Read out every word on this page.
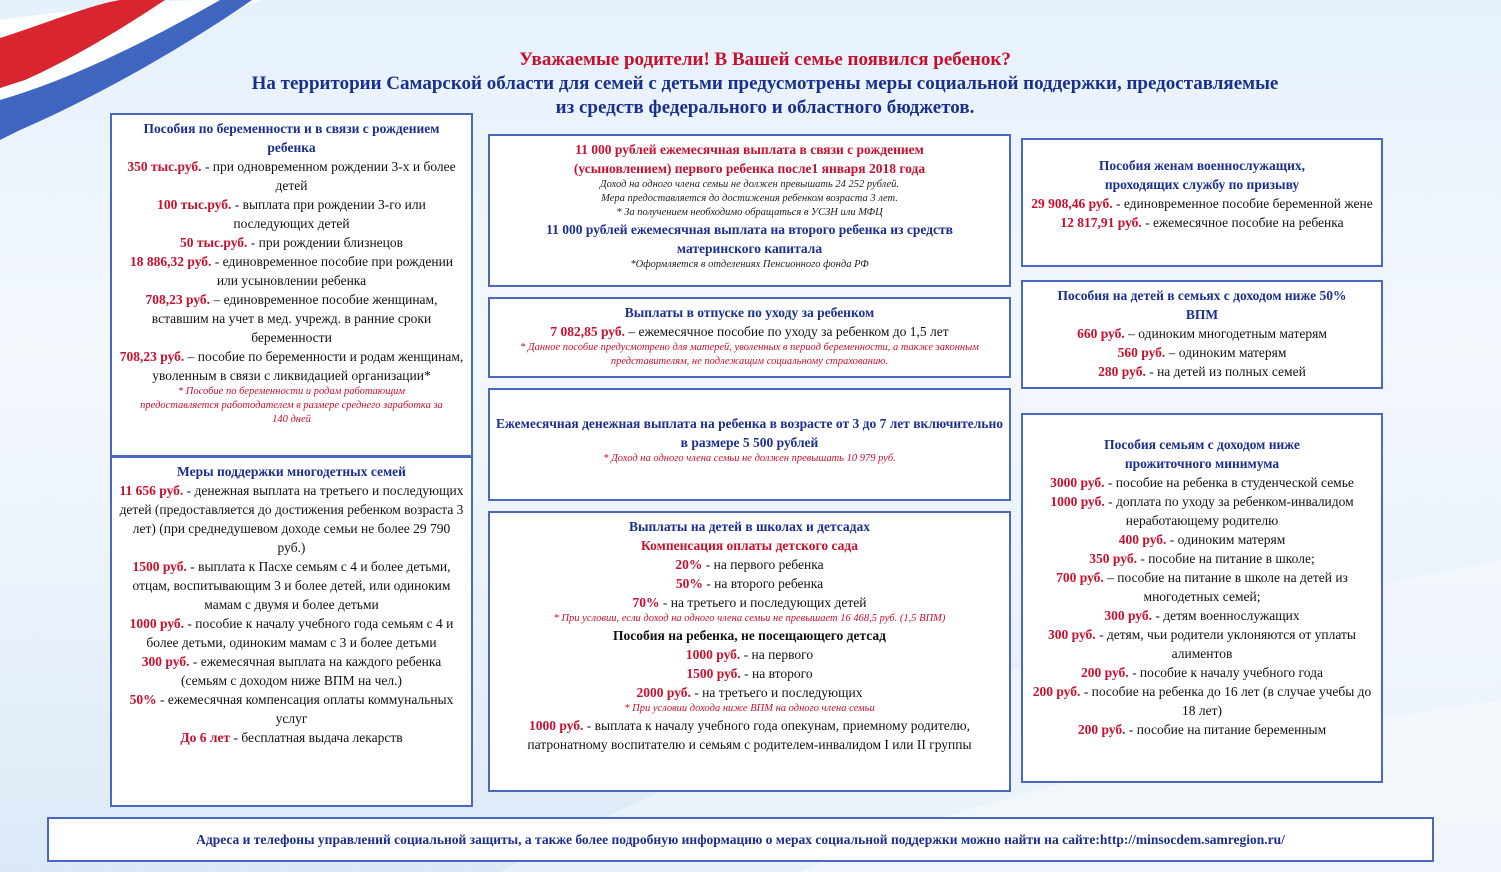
Уважаемые родители! В Вашей семье появился ребенок?
На территории Самарской области для семей с детьми предусмотрены меры социальной поддержки, предоставляемые
из средств федерального и областного бюджетов.
Пособия по беременности и в связи с рождением ребенка
350 тыс.руб. - при одновременном рождении 3-х и более детей
100 тыс.руб. - выплата при рождении 3-го или последующих детей
50 тыс.руб. - при рождении близнецов
18 886,32 руб. - единовременное пособие при рождении или усыновлении ребенка
708,23 руб. – единовременное пособие женщинам, вставшим на учет в мед. учрежд. в ранние сроки беременности
708,23 руб. – пособие по беременности и родам женщинам, уволенным в связи с ликвидацией организации*
* Пособие по беременности и родам работающим предоставляется работодателем в размере среднего заработка за 140 дней
Меры поддержки многодетных семей
11 656 руб. - денежная выплата на третьего и последующих детей (предоставляется до достижения ребенком возраста 3 лет) (при среднедушевом доходе семьи не более 29 790 руб.)
1500 руб. - выплата к Пасхе семьям с 4 и более детьми, отцам, воспитывающим 3 и более детей, или одиноким мамам с двумя и более детьми
1000 руб. - пособие к началу учебного года семьям с 4 и более детьми, одиноким мамам с 3 и более детьми
300 руб. - ежемесячная выплата на каждого ребенка (семьям с доходом ниже ВПМ на чел.)
50% - ежемесячная компенсация оплаты коммунальных услуг
До 6 лет - бесплатная выдача лекарств
11 000 рублей ежемесячная выплата в связи с рождением (усыновлением) первого ребенка после1 января 2018 года
Доход на одного члена семьи не должен превышать 24 252 рублей.
Мера предоставляется до достижения ребенком возраста 3 лет.
* За получением необходимо обращаться в УСЗН или МФЦ
11 000 рублей ежемесячная выплата на второго ребенка из средств материнского капитала
*Оформляется в отделениях Пенсионного фонда РФ
Выплаты в отпуске по уходу за ребенком
7 082,85 руб. – ежемесячное пособие по уходу за ребенком до 1,5 лет
* Данное пособие предусмотрено для матерей, уволенных в период беременности, а также законным представителям, не подлежащим социальному страхованию.
Ежемесячная денежная выплата на ребенка в возрасте от 3 до 7 лет включительно в размере 5 500 рублей
* Доход на одного члена семьи не должен превышать 10 979 руб.
Выплаты на детей в школах и детсадах
Компенсация оплаты детского сада
20% - на первого ребенка
50% - на второго ребенка
70% - на третьего и последующих детей
* При условии, если доход на одного члена семьи не превышает 16 468,5 руб. (1,5 ВПМ)
Пособия на ребенка, не посещающего детсад
1000 руб. - на первого
1500 руб. - на второго
2000 руб. - на третьего и последующих
* При условии дохода ниже ВПМ на одного члена семьи
1000 руб. - выплата к началу учебного года опекунам, приемному родителю, патронатному воспитателю и семьям с родителем-инвалидом I или II группы
Пособия женам военнослужащих, проходящих службу по призыву
29 908,46 руб. - единовременное пособие беременной жене
12 817,91 руб. - ежемесячное пособие на ребенка
Пособия на детей в семьях с доходом ниже 50% ВПМ
660 руб. – одиноким многодетным матерям
560 руб. – одиноким матерям
280 руб. - на детей из полных семей
Пособия семьям с доходом ниже прожиточного минимума
3000 руб. - пособие на ребенка в студенческой семье
1000 руб. - доплата по уходу за ребенком-инвалидом неработающему родителю
400 руб. - одиноким матерям
350 руб. - пособие на питание в школе;
700 руб. – пособие на питание в школе на детей из многодетных семей;
300 руб. - детям военнослужащих
300 руб. - детям, чьи родители уклоняются от уплаты алиментов
200 руб. - пособие к началу учебного года
200 руб. - пособие на ребенка до 16 лет (в случае учебы до 18 лет)
200 руб. - пособие на питание беременным
Адреса и телефоны управлений социальной защиты, а также более подробную информацию о мерах социальной поддержки можно найти на сайте:http://minsocdem.samregion.ru/
